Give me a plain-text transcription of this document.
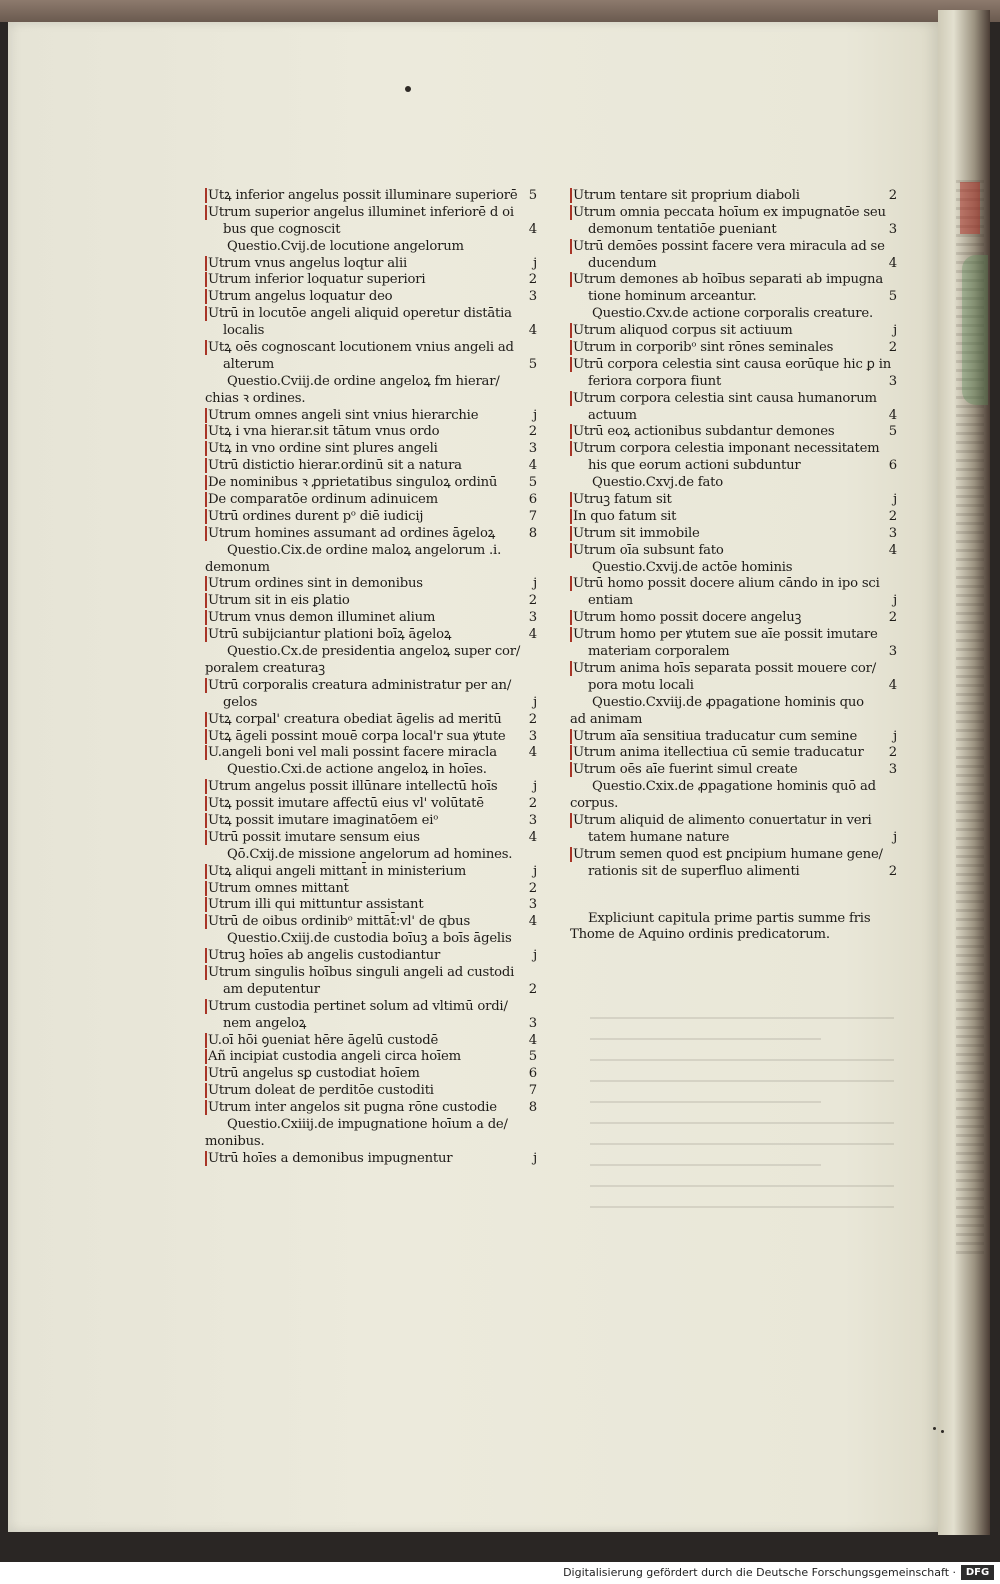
Utꝝ inferior angelus possit illuminare superiorē 5
Utrum superior angelus illuminet inferiorē d oi
bus que cognoscit	4
Questio.Cvij.de locutione angelorum
Utrum vnus angelus loqtur alii	j
Utrum inferior loquatur superiori	2
Utrum angelus loquatur deo	3
Utrū in locutōe angeli aliquid operetur distātia
localis	4
Utꝝ oēs cognoscant locutionem vnius angeli ad
alterum	5
Questio.Cviij.de ordine angeloꝝ fm hierar/
chias ꝛ ordines.
Utrum omnes angeli sint vnius hierarchie	j
Utꝝ i vna hierar.sit tātum vnus ordo	2
Utꝝ in vno ordine sint plures angeli	3
Utrū distictio hierar.ordinū sit a natura	4
De nominibus ꝛ ꝓprietatibus singuloꝝ ordinū 5
De comparatōe ordinum adinuicem	6
Utrū ordines durent pᵒ diē iudicij	7
Utrum homines assumant ad ordines āgeloꝝ	8
Questio.Cix.de ordine maloꝝ angelorum .i.
demonum
Utrum ordines sint in demonibus	j
Utrum sit in eis ꝑlatio	2
Utrum vnus demon illuminet alium	3
Utrū subijciantur plationi boīꝝ āgeloꝝ	4
Questio.Cx.de presidentia angeloꝝ super cor/
poralem creaturaꝫ
Utrū corporalis creatura administratur per an/
gelos	j
Utꝝ corpal' creatura obediat āgelis ad meritū 2
Utꝝ āgeli possint mouē corpa local'r sua ꝟtute 3
U.angeli boni vel mali possint facere miracla 4
Questio.Cxi.de actione angeloꝝ in hoīes.
Utrum angelus possit illūnare intellectū hoīs	j
Utꝝ possit imutare affectū eius vl' volūtatē	2
Utꝝ possit imutare imaginatōem eiᵒ	3
Utrū possit imutare sensum eius	4
Qō.Cxij.de missione angelorum ad homines.
Utꝝ aliqui angeli mittant̄ in ministerium	j
Utrum omnes mittant̄	2
Utrum illi qui mittuntur assistant	3
Utrū de oibus ordinibᵒ mittāt̄:vl' de qbus	4
Questio.Cxiij.de custodia boīuꝫ a boīs āgelis
Utruꝫ hoīes ab angelis custodiantur	j
Utrum singulis hoībus singuli angeli ad custodi
am deputentur	2
Utrum custodia pertinet solum ad vltimū ordi/
nem angeloꝝ	3
U.oī hōi ꝯueniat hēre āgelū custodē	4
Añ incipiat custodia angeli circa hoīem	5
Utrū angelus sꝑ custodiat hoīem	6
Utrum doleat de perditōe custoditi	7
Utrum inter angelos sit pugna rōne custodie 8
Questio.Cxiiij.de impugnatione hoīum a de/
monibus.
Utrū hoīes a demonibus impugnentur	j
Utrum tentare sit proprium diaboli	2
Utrum omnia peccata hoīum ex impugnatōe seu
demonum tentatiōe ꝑueniant	3
Utrū demōes possint facere vera miracula ad se
ducendum	4
Utrum demones ab hoībus separati ab impugna
tione hominum arceantur.	5
Questio.Cxv.de actione corporalis creature.
Utrum aliquod corpus sit actiuum	j
Utrum in corporibᵒ sint rōnes seminales	2
Utrū corpora celestia sint causa eorūque hic ꝑ in
feriora corpora fiunt	3
Utrum corpora celestia sint causa humanorum
actuum	4
Utrū eoꝝ actionibus subdantur demones	5
Utrum corpora celestia imponant necessitatem
his que eorum actioni subduntur	6
Questio.Cxvj.de fato
Utruꝫ fatum sit	j
In quo fatum sit	2
Utrum sit immobile	3
Utrum oīa subsunt fato	4
Questio.Cxvij.de actōe hominis
Utrū homo possit docere alium cāndo in ipo sci
entiam	j
Utrum homo possit docere angeluꝫ	2
Utrum homo per ꝟtutem sue aīe possit imutare
materiam corporalem	3
Utrum anima hoīs separata possit mouere cor/
pora motu locali	4
Questio.Cxviij.de ꝓpagatione hominis quo
ad animam
Utrum aīa sensitiua traducatur cum semine	j
Utrum anima itellectiua cū semie traducatur 2
Utrum oēs aīe fuerint simul create	3
Questio.Cxix.de ꝓpagatione hominis quō ad
corpus.
Utrum aliquid de alimento conuertatur in veri
tatem humane nature	j
Utrum semen quod est ꝑncipium humane gene/
rationis sit de superfluo alimenti	2
Expliciunt capitula prime partis summe fris
Thome de Aquino ordinis predicatorum.
Digitalisierung gefördert durch die Deutsche Forschungsgemeinschaft · DFG
